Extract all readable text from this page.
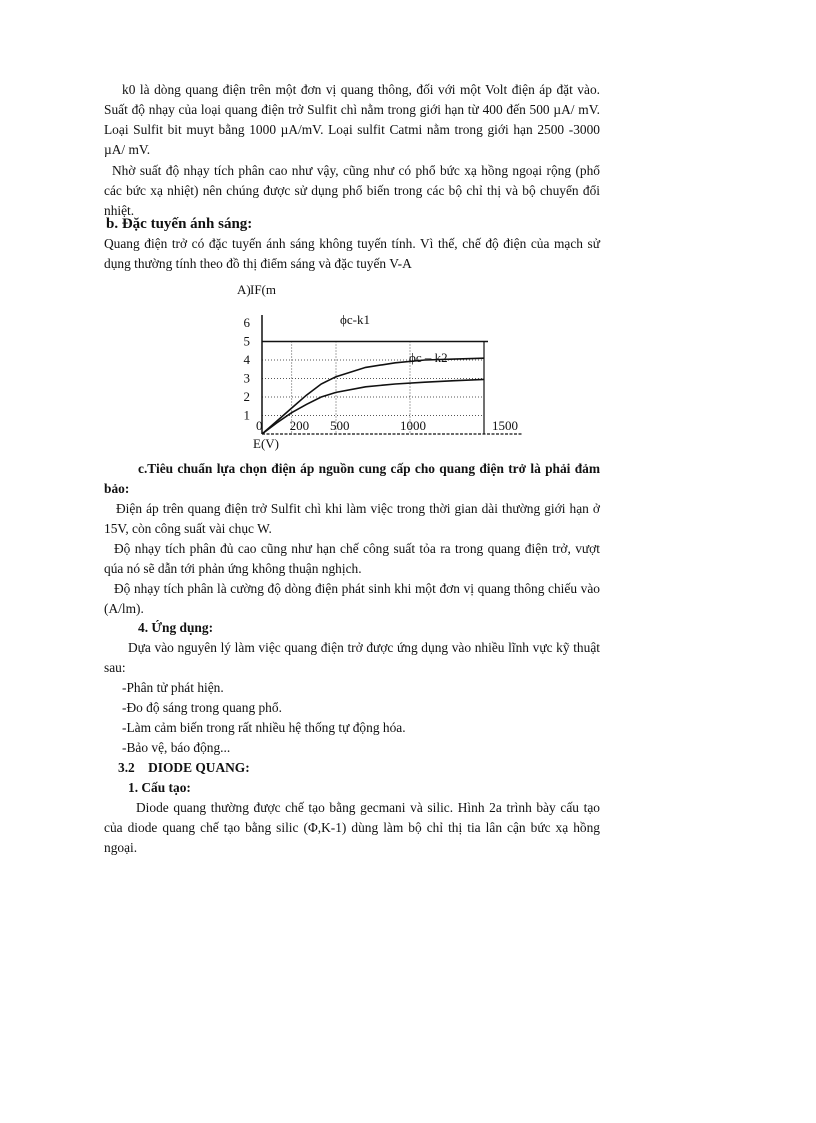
k0 là dòng quang điện trên một đơn vị quang thông, đối với một Volt điện áp đặt vào. Suất độ nhạy của loại quang điện trở Sulfit chì nằm trong giới hạn từ 400 đến 500 µA/ mV. Loại Sulfit bit muyt bằng 1000 µA/mV. Loại sulfit Catmi nằm trong giới hạn 2500 -3000 µA/ mV.

Nhờ suất độ nhạy tích phân cao như vậy, cũng như có phổ bức xạ hồng ngoại rộng (phổ các bức xạ nhiệt) nên chúng được sử dụng phổ biến trong các bộ chỉ thị và bộ chuyển đổi nhiệt.

b. Đặc tuyến ánh sáng:

Quang điện trở có đặc tuyến ánh sáng không tuyến tính. Vì thế, chế độ điện của mạch sử dụng thường tính theo đồ thị điểm sáng và đặc tuyến V-A

IF(m
A)
E(V)
1
2
3
4
5
6
0 200 500	1000	1500
ϕc-k1
ϕc – k2

c.Tiêu chuẩn lựa chọn điện áp nguồn cung cấp cho quang điện trở là phải đảm bảo:

Điện áp trên quang điện trở Sulfit chì khi làm việc trong thời gian dài thường giới hạn ở 15V, còn công suất vài chục W.

Độ nhạy tích phân đủ cao cũng như hạn chế công suất tỏa ra trong quang điện trở, vượt qúa nó sẽ dẫn tới phản ứng không thuận nghịch.

Độ nhạy tích phân là cường độ dòng điện phát sinh khi một đơn vị quang thông chiếu vào (A/lm).

4. Ứng dụng:

Dựa vào nguyên lý làm việc quang điện trở được ứng dụng vào nhiều lĩnh vực kỹ thuật sau:

-Phân tử phát hiện.

-Đo độ sáng trong quang phổ.

-Làm cảm biến trong rất nhiều hệ thống tự động hóa.

-Bảo vệ, báo động...

3.2    DIODE QUANG:

1. Cấu tạo:

Diode quang thường được chế tạo bằng gecmani và silic. Hình 2a trình bày cấu tạo của diode quang chế tạo bằng silic (Φ,K-1) dùng làm bộ chỉ thị tia lân cận bức xạ hồng ngoại.
